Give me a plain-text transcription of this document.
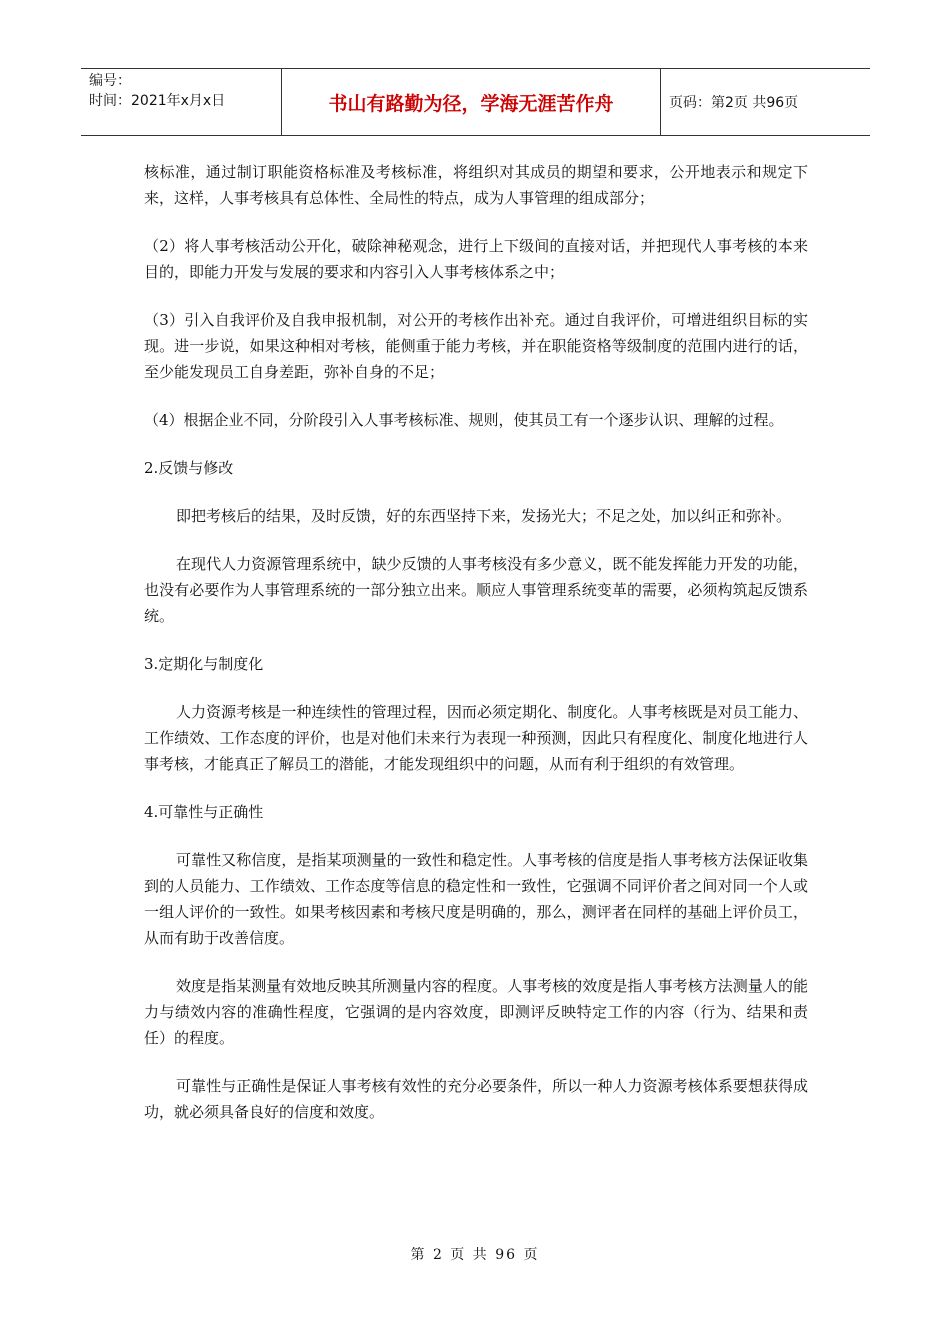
编号：
时间：2021年x月x日	书山有路勤为径，学海无涯苦作舟	页码：第2页 共96页

核标准，通过制订职能资格标准及考核标准，将组织对其成员的期望和要求，公开地表示和规定下来，这样，人事考核具有总体性、全局性的特点，成为人事管理的组成部分；

（2）将人事考核活动公开化，破除神秘观念，进行上下级间的直接对话，并把现代人事考核的本来目的，即能力开发与发展的要求和内容引入人事考核体系之中；

（3）引入自我评价及自我申报机制，对公开的考核作出补充。通过自我评价，可增进组织目标的实现。进一步说，如果这种相对考核，能侧重于能力考核，并在职能资格等级制度的范围内进行的话，至少能发现员工自身差距，弥补自身的不足；

（4）根据企业不同，分阶段引入人事考核标准、规则，使其员工有一个逐步认识、理解的过程。

2.反馈与修改

即把考核后的结果，及时反馈，好的东西坚持下来，发扬光大；不足之处，加以纠正和弥补。

在现代人力资源管理系统中，缺少反馈的人事考核没有多少意义，既不能发挥能力开发的功能，也没有必要作为人事管理系统的一部分独立出来。顺应人事管理系统变革的需要，必须构筑起反馈系统。

3.定期化与制度化

人力资源考核是一种连续性的管理过程，因而必须定期化、制度化。人事考核既是对员工能力、工作绩效、工作态度的评价，也是对他们未来行为表现一种预测，因此只有程度化、制度化地进行人事考核，才能真正了解员工的潜能，才能发现组织中的问题，从而有利于组织的有效管理。

4.可靠性与正确性

可靠性又称信度，是指某项测量的一致性和稳定性。人事考核的信度是指人事考核方法保证收集到的人员能力、工作绩效、工作态度等信息的稳定性和一致性，它强调不同评价者之间对同一个人或一组人评价的一致性。如果考核因素和考核尺度是明确的，那么，测评者在同样的基础上评价员工，从而有助于改善信度。

效度是指某测量有效地反映其所测量内容的程度。人事考核的效度是指人事考核方法测量人的能力与绩效内容的准确性程度，它强调的是内容效度，即测评反映特定工作的内容（行为、结果和责任）的程度。

可靠性与正确性是保证人事考核有效性的充分必要条件，所以一种人力资源考核体系要想获得成功，就必须具备良好的信度和效度。

第 2 页 共 96 页
